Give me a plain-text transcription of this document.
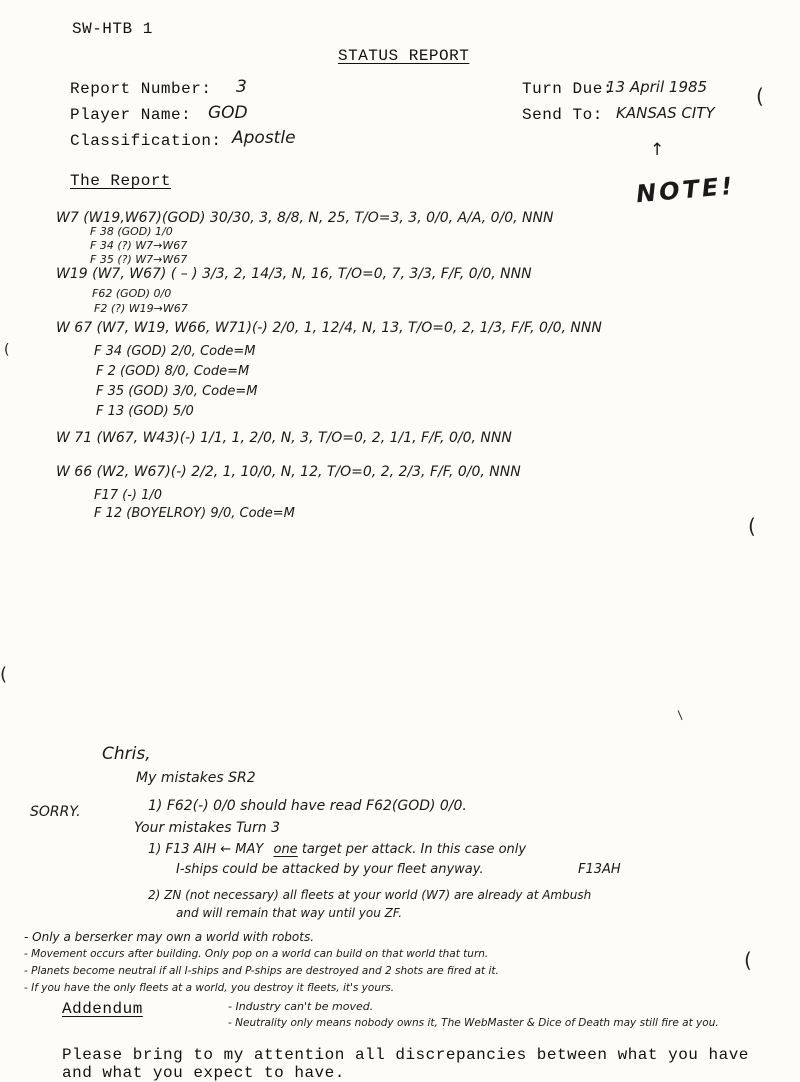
SW-HTB 1
STATUS REPORT
Report Number: 3
Player Name: GOD
Classification: Apostle
Turn Due:
13 April 1985
Send To: KANSAS CITY
↑
NOTE!
The Report
W7 (W19,W67)(GOD) 30/30, 3, 8/8, N, 25, T/O=3, 3, 0/0, A/A, 0/0, NNN
F 38 (GOD) 1/0
F 34 (?) W7→W67
F 35 (?) W7→W67
W19 (W7, W67) ( – ) 3/3, 2, 14/3, N, 16, T/O=0, 7, 3/3, F/F, 0/0, NNN
F62 (GOD) 0/0
F2 (?) W19→W67
W 67 (W7, W19, W66, W71)(-) 2/0, 1, 12/4, N, 13, T/O=0, 2, 1/3, F/F, 0/0, NNN
F 34 (GOD) 2/0, Code=M
F 2 (GOD) 8/0, Code=M
F 35 (GOD) 3/0, Code=M
F 13 (GOD) 5/0
W 71 (W67, W43)(-) 1/1, 1, 2/0, N, 3, T/O=0, 2, 1/1, F/F, 0/0, NNN
W 66 (W2, W67)(-) 2/2, 1, 10/0, N, 12, T/O=0, 2, 2/3, F/F, 0/0, NNN
F17 (-) 1/0
F 12 (BOYELROY) 9/0, Code=M
Chris,
My mistakes SR2
SORRY.	1) F62(-) 0/0 should have read F62(GOD) 0/0.
Your mistakes Turn 3
1) F13 AIH ← MAY one target per attack. In this case only
I-ships could be attacked by your fleet anyway.	F13AH
2) ZN (not necessary) all fleets at your world (W7) are already at Ambush
and will remain that way until you ZF.
- Only a berserker may own a world with robots.
- Movement occurs after building. Only pop on a world can build on that world that turn.
- Planets become neutral if all I-ships and P-ships are destroyed and 2 shots are fired at it.
- If you have the only fleets at a world, you destroy it fleets, it's yours.
Addendum	- Industry can't be moved.
- Neutrality only means nobody owns it, The WebMaster & Dice of Death may still fire at you.
Please bring to my attention all discrepancies between what you have
and what you expect to have.
(
(
(
(
(
/
